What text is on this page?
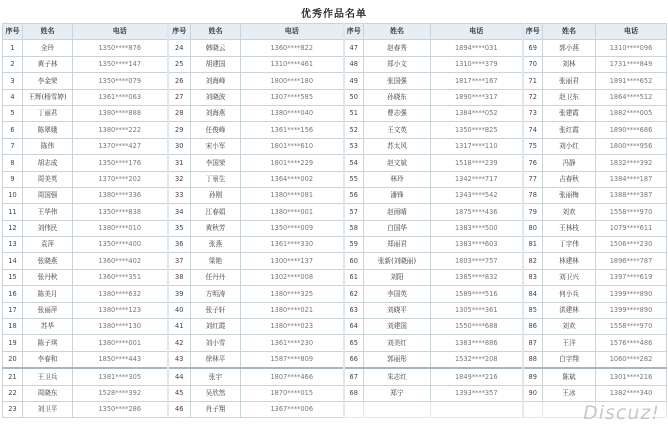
优秀作品名单
序号	姓名	电话	序号	姓名	电话	序号	姓名	电话	序号	姓名	电话
1	全玲	1350****876	24	韩晓云	1360****822	47	赵春秀	1894****031	69	郭小燕	1310****096
2	黄子林	1350****147	25	胡建国	1310****461	48	郑小文	1310****379	70	刘林	1731****849
3	李金荣	1350****079	26	刘海峰	1800****180	49	张国强	1817****167	71	张丽君	1891****652
4	王辉(杨雪婷)	1361****063	27	刘晓波	1307****585	50	孙晓东	1890****317	72	赵卫东	1864****512
5	丁丽君	1380****888	28	刘海燕	1380****040	51	曹志强	1384****052	73	张建霞	1882****005
6	陈翠娥	1380****222	29	任俊峰	1361****156	52	王文英	1350****825	74	张红霞	1890****686
7	陈伟	1370****427	30	宋小军	1801****610	53	苏太风	1317****110	75	刘小红	1800****956
8	胡志成	1350****176	31	李国荣	1801****229	54	赵文斌	1518****239	76	冯静	1832****392
9	周美英	1370****202	32	丁景生	1364****002	55	林玲	1342****717	77	吉春秋	1384****187
10	周国强	1380****336	33	孙刚	1380****081	56	潘锋	1343****542	78	张丽梅	1388****387
11	王华伟	1350****838	34	江春娟	1380****001	57	赵雨晴	1875****436	79	刘欢	1558****970
12	刘伟民	1380****010	35	黄秋芳	1350****009	58	白国华	1383****500	80	王林枝	1079****611
13	袁萍	1350****400	36	张燕	1361****330	59	郑丽君	1383****603	81	丁宇伟	1506****230
14	张晓燕	1360****402	37	梁艳	1300****137	60	张新(刘晓丽)	1803****757	82	林建林	1896****787
15	张丹秋	1360****351	38	任丹丹	1302****008	61	刘阳	1385****832	83	刘卫兴	1397****619
16	陈美月	1380****632	39	方明涛	1380****325	62	李国英	1589****516	84	何小兵	1399****890
17	张丽萍	1380****123	40	张子轩	1380****021	63	刘晓平	1305****361	85	洪建林	1399****890
18	苏华	1380****130	41	刘红霞	1380****023	64	刘建国	1550****688	86	刘欢	1558****970
19	陈子琪	1380****001	42	刘小雪	1361****230	65	刘美红	1383****886	87	王洋	1576****486
20	李春和	1850****443	43	徐林平	1587****809	66	郭丽彤	1532****208	88	白宇翔	1060****282
21	王卫兵	1381****305	44	张宇	1807****466	67	朱志红	1849****216	89	陈斌	1301****216
22	周晓东	1528****392	45	吴欣然	1870****015	68	郑宁	1393****357	90	王冰	1382****340
23	刘卫平	1350****286	46	肖子翔	1367****006							Discuz!
